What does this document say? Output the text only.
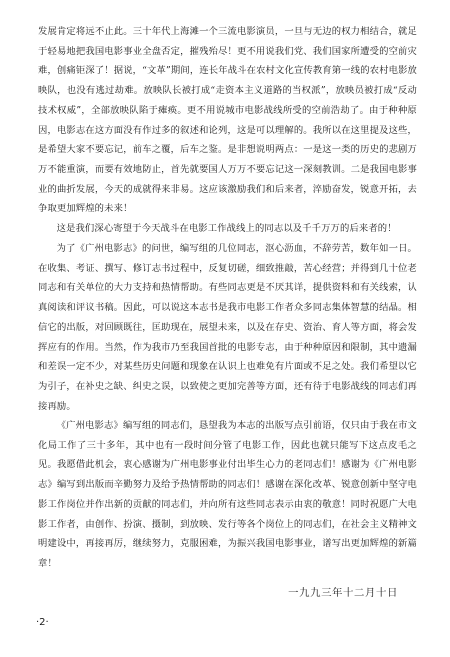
发展肯定将远不止此。三十年代上海滩一个三流电影演员，一旦与无边的权力相结合，就足于轻易地把我国电影事业全盘否定，摧残殆尽！更不用说我们党、我们国家所遭受的空前灾难，创痛钜深了！据说，“文革”期间，连长年战斗在农村文化宣传教育第一线的农村电影放映队，也没有逃过劫难。放映队长被打成“走资本主义道路的当权派”，放映员被打成“反动技术权威”，全部放映队陷于瘫痪。更不用说城市电影战线所受的空前浩劫了。由于种种原因，电影志在这方面没有作过多的叙述和论列，这是可以理解的。我所以在这里提及这些，是希望大家不要忘记，前车之覆，后车之鉴。是非想说明两点：一是这一类的历史的悲剧万万不能重演，而要有效地防止，首先就要国人万万不要忘记这一深刻教训。二是我国电影事业的曲折发展，今天的成就得来非易。这应该激励我们和后来者，淬励奋发，锐意开拓，去争取更加辉煌的未来！

这是我们深心寄望于今天战斗在电影工作战线上的同志以及千千万万的后来者的！

为了《广州电影志》的问世，编写组的几位同志，沤心沥血，不辞劳苦，数年如一日。在收集、考证、撰写、修订志书过程中，反复切磋，细致推敲，苦心经营；并得到几十位老同志和有关单位的大力支持和热情帮助。有些同志更是不厌其详，提供资料和有关线索，认真阅读和评议书稿。因此，可以说这本志书是我市电影工作者众多同志集体智慧的结晶。相信它的出版，对回顾既往，匡助现在，展望未来，以及在存史、资治、育人等方面，将会发挥应有的作用。当然，作为我市乃至我国首批的电影专志，由于种种原因和限制，其中遗漏和差误一定不少，对某些历史问题和现象在认识上也难免有片面或不足之处。我们希望以它为引子，在补史之缺、纠史之误，以致使之更加完善等方面，还有待于电影战线的同志们再接再励。

《广州电影志》编写组的同志们，恳望我为本志的出版写点引前语，仅只由于我在市文化局工作了三十多年，其中也有一段时间分管了电影工作，因此也就只能写下这点皮毛之见。我愿借此机会，衷心感谢为广州电影事业付出毕生心力的老同志们！感谢为《广州电影志》编写到出版而辛勤努力及给予热情帮助的同志们！感谢在深化改革、锐意创新中坚守电影工作岗位并作出新的贡献的同志们，并向所有这些同志表示由衷的敬意！同时祝愿广大电影工作者，由创作、扮演、摄制，到放映、发行等各个岗位上的同志们，在社会主义精神文明建设中，再接再厉，继续努力，克服困难，为振兴我国电影事业，谱写出更加辉煌的新篇章！

一九九三年十二月十日
·2·
